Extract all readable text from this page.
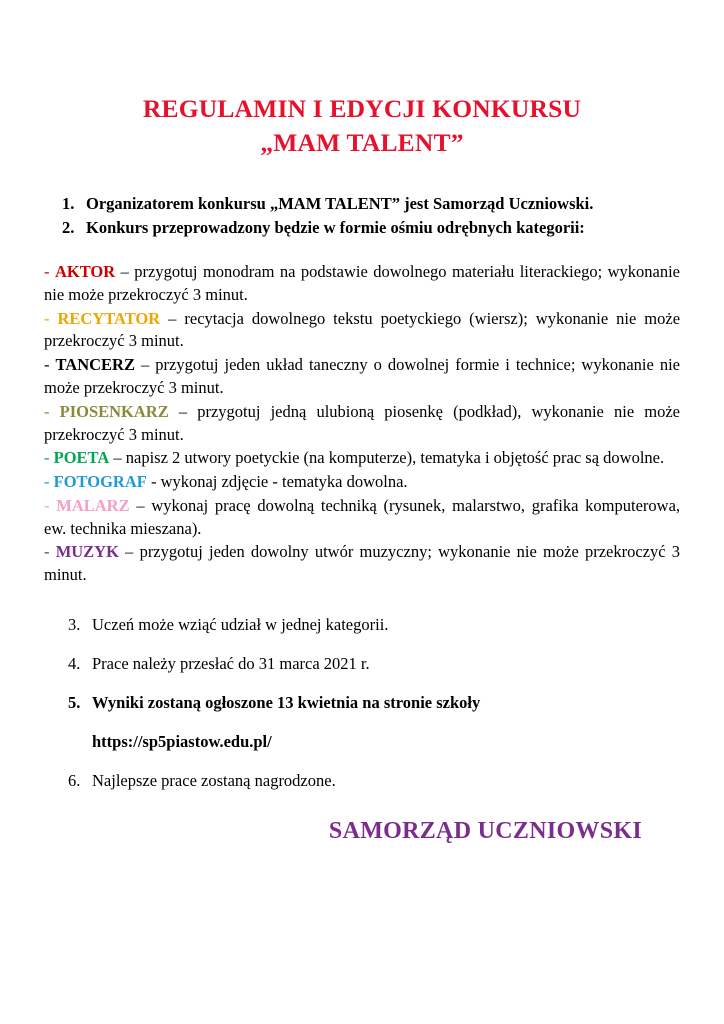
REGULAMIN I EDYCJI KONKURSU
„MAM TALENT”
1. Organizatorem konkursu „MAM TALENT” jest Samorząd Uczniowski.
2. Konkurs przeprowadzony będzie w formie ośmiu odrębnych kategorii:

- AKTOR – przygotuj monodram na podstawie dowolnego materiału literackiego; wykonanie nie może przekroczyć 3 minut.

- RECYTATOR – recytacja dowolnego tekstu poetyckiego (wiersz); wykonanie nie może przekroczyć 3 minut.

- TANCERZ – przygotuj jeden układ taneczny o dowolnej formie i technice; wykonanie nie może przekroczyć 3 minut.

- PIOSENKARZ – przygotuj jedną ulubioną piosenkę (podkład), wykonanie nie może przekroczyć 3 minut.

- POETA – napisz 2 utwory poetyckie (na komputerze), tematyka i objętość prac są dowolne.

- FOTOGRAF - wykonaj zdjęcie - tematyka dowolna.

- MALARZ – wykonaj pracę dowolną techniką (rysunek, malarstwo, grafika komputerowa, ew. technika mieszana).

- MUZYK – przygotuj jeden dowolny utwór muzyczny; wykonanie nie może przekroczyć 3 minut.

3. Uczeń może wziąć udział w jednej kategorii.
4. Prace należy przesłać do 31 marca 2021 r.
5. Wyniki zostaną ogłoszone 13 kwietnia na stronie szkoły
https://sp5piastow.edu.pl/
6. Najlepsze prace zostaną nagrodzone.
SAMORZĄD UCZNIOWSKI
